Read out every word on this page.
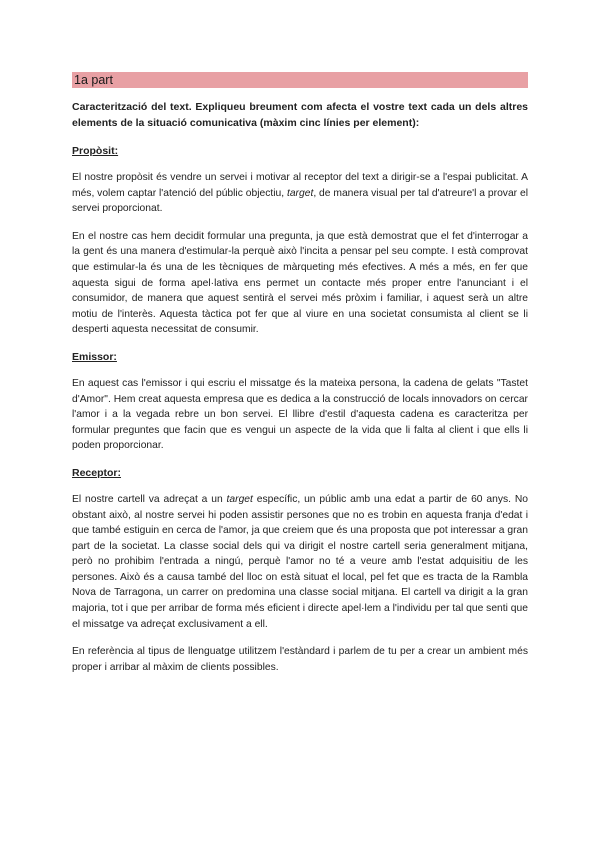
1a part

Caracterització del text. Expliqueu breument com afecta el vostre text cada un dels altres elements de la situació comunicativa (màxim cinc línies per element):

Propòsit:

El nostre propòsit és vendre un servei i motivar al receptor del text a dirigir-se a l'espai publicitat. A més, volem captar l'atenció del públic objectiu, target, de manera visual per tal d'atreure'l a provar el servei proporcionat.

En el nostre cas hem decidit formular una pregunta, ja que està demostrat que el fet d'interrogar a la gent és una manera d'estimular-la perquè això l'incita a pensar pel seu compte. I està comprovat que estimular-la és una de les tècniques de màrqueting més efectives. A més a més, en fer que aquesta sigui de forma apel·lativa ens permet un contacte més proper entre l'anunciant i el consumidor, de manera que aquest sentirà el servei més pròxim i familiar, i aquest serà un altre motiu de l'interès. Aquesta tàctica pot fer que al viure en una societat consumista al client se li desperti aquesta necessitat de consumir.

Emissor:

En aquest cas l'emissor i qui escriu el missatge és la mateixa persona, la cadena de gelats "Tastet d'Amor". Hem creat aquesta empresa que es dedica a la construcció de locals innovadors on cercar l'amor i a la vegada rebre un bon servei. El llibre d'estil d'aquesta cadena es caracteritza per formular preguntes que facin que es vengui un aspecte de la vida que li falta al client i que ells li poden proporcionar.

Receptor:

El nostre cartell va adreçat a un target específic, un públic amb una edat a partir de 60 anys. No obstant això, al nostre servei hi poden assistir persones que no es trobin en aquesta franja d'edat i que també estiguin en cerca de l'amor, ja que creiem que és una proposta que pot interessar a gran part de la societat. La classe social dels qui va dirigit el nostre cartell seria generalment mitjana, però no prohibim l'entrada a ningú, perquè l'amor no té a veure amb l'estat adquisitiu de les persones. Això és a causa també del lloc on està situat el local, pel fet que es tracta de la Rambla Nova de Tarragona, un carrer on predomina una classe social mitjana. El cartell va dirigit a la gran majoria, tot i que per arribar de forma més eficient i directe apel·lem a l'individu per tal que senti que el missatge va adreçat exclusivament a ell.

En referència al tipus de llenguatge utilitzem l'estàndard i parlem de tu per a crear un ambient més proper i arribar al màxim de clients possibles.
